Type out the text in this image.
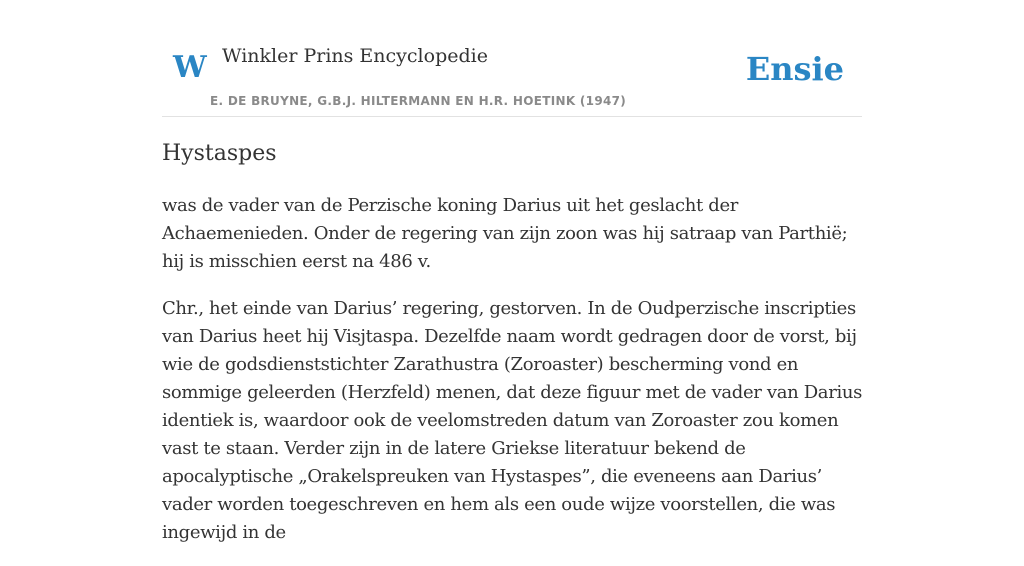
W Winkler Prins Encyclopedie
E. DE BRUYNE, G.B.J. HILTERMANN EN H.R. HOETINK (1947)
Ensie
Hystaspes

was de vader van de Perzische koning Darius uit het geslacht der Achaemenieden. Onder de regering van zijn zoon was hij satraap van Parthië; hij is misschien eerst na 486 v.

Chr., het einde van Darius’ regering, gestorven. In de Oudperzische inscripties van Darius heet hij Visjtaspa. Dezelfde naam wordt gedragen door de vorst, bij wie de godsdienststichter Zarathustra (Zoroaster) bescherming vond en sommige geleerden (Herzfeld) menen, dat deze figuur met de vader van Darius identiek is, waardoor ook de veelomstreden datum van Zoroaster zou komen vast te staan. Verder zijn in de latere Griekse literatuur bekend de apocalyptische „Orakelspreuken van Hystaspes”, die eveneens aan Darius’ vader worden toegeschreven en hem als een oude wijze voorstellen, die was ingewijd in de
